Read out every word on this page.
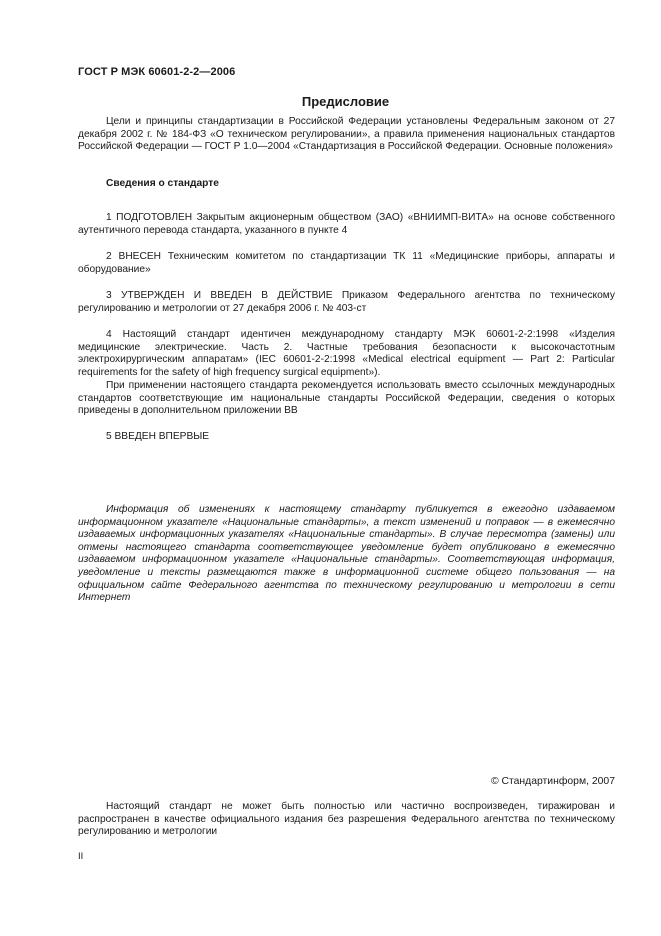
ГОСТ Р МЭК 60601-2-2—2006
Предисловие

Цели и принципы стандартизации в Российской Федерации установлены Федеральным законом от 27 декабря 2002 г. № 184-ФЗ «О техническом регулировании», а правила применения национальных стандартов Российской Федерации — ГОСТ Р 1.0—2004 «Стандартизация в Российской Федерации. Основные положения»

Сведения о стандарте

1 ПОДГОТОВЛЕН Закрытым акционерным обществом (ЗАО) «ВНИИМП-ВИТА» на основе собственного аутентичного перевода стандарта, указанного в пункте 4

2 ВНЕСЕН Техническим комитетом по стандартизации ТК 11 «Медицинские приборы, аппараты и оборудование»

3 УТВЕРЖДЕН И ВВЕДЕН В ДЕЙСТВИЕ Приказом Федерального агентства по техническому регулированию и метрологии от 27 декабря 2006 г. № 403-ст

4 Настоящий стандарт идентичен международному стандарту МЭК 60601-2-2:1998 «Изделия медицинские электрические. Часть 2. Частные требования безопасности к высокочастотным электрохирургическим аппаратам» (IEC 60601-2-2:1998 «Medical electrical equipment — Part 2: Particular requirements for the safety of high frequency surgical equipment»).

При применении настоящего стандарта рекомендуется использовать вместо ссылочных международных стандартов соответствующие им национальные стандарты Российской Федерации, сведения о которых приведены в дополнительном приложении ВВ

5 ВВЕДЕН ВПЕРВЫЕ

Информация об изменениях к настоящему стандарту публикуется в ежегодно издаваемом информационном указателе «Национальные стандарты», а текст изменений и поправок — в ежемесячно издаваемых информационных указателях «Национальные стандарты». В случае пересмотра (замены) или отмены настоящего стандарта соответствующее уведомление будет опубликовано в ежемесячно издаваемом информационном указателе «Национальные стандарты». Соответствующая информация, уведомление и тексты размещаются также в информационной системе общего пользования — на официальном сайте Федерального агентства по техническому регулированию и метрологии в сети Интернет

© Стандартинформ, 2007

Настоящий стандарт не может быть полностью или частично воспроизведен, тиражирован и распространен в качестве официального издания без разрешения Федерального агентства по техническому регулированию и метрологии

II
